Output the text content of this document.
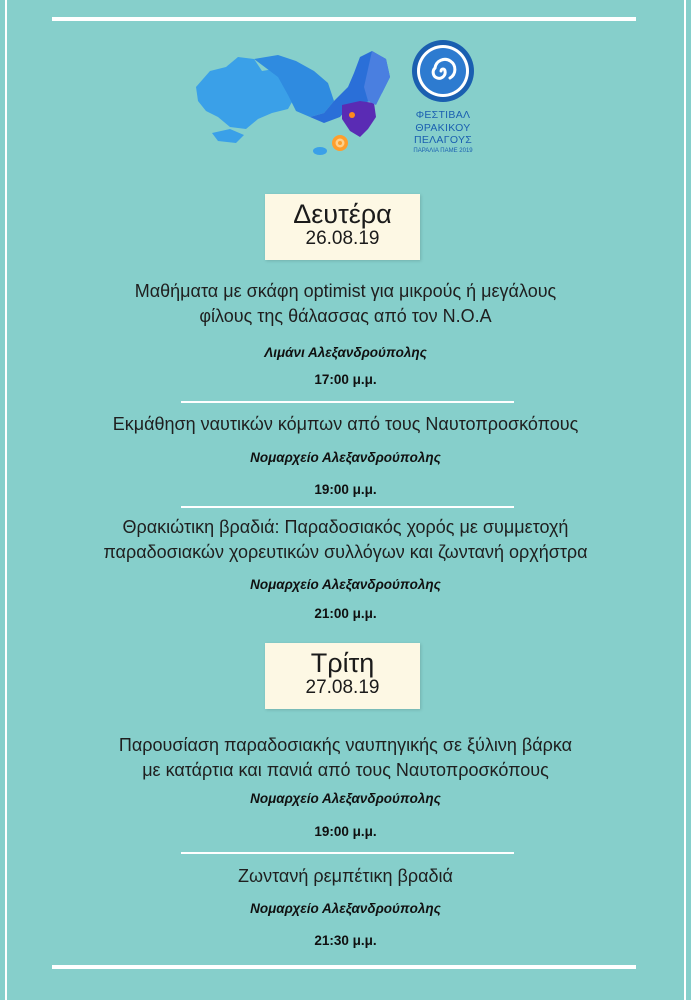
ΦΕΣΤΙΒΑΛ
ΘΡΑΚΙΚΟΥ
ΠΕΛΑΓΟΥΣ
ΠΑΡΑΛΙΑ ΠΑΜΕ 2019
Δευτέρα
26.08.19
Μαθήματα με σκάφη optimist για μικρούς ή μεγάλους
φίλους της θάλασσας από τον Ν.Ο.Α
Λιμάνι Αλεξανδρούπολης
17:00 μ.μ.
Εκμάθηση ναυτικών κόμπων από τους Ναυτοπροσκόπους
Νομαρχείο Αλεξανδρούπολης
19:00 μ.μ.
Θρακιώτικη βραδιά: Παραδοσιακός χορός με συμμετοχή
παραδοσιακών χορευτικών συλλόγων και ζωντανή ορχήστρα
Νομαρχείο Αλεξανδρούπολης
21:00 μ.μ.
Τρίτη
27.08.19
Παρουσίαση παραδοσιακής ναυπηγικής σε ξύλινη βάρκα
με κατάρτια και πανιά από τους Ναυτοπροσκόπους
Νομαρχείο Αλεξανδρούπολης
19:00 μ.μ.
Ζωντανή ρεμπέτικη βραδιά
Νομαρχείο Αλεξανδρούπολης
21:30 μ.μ.
